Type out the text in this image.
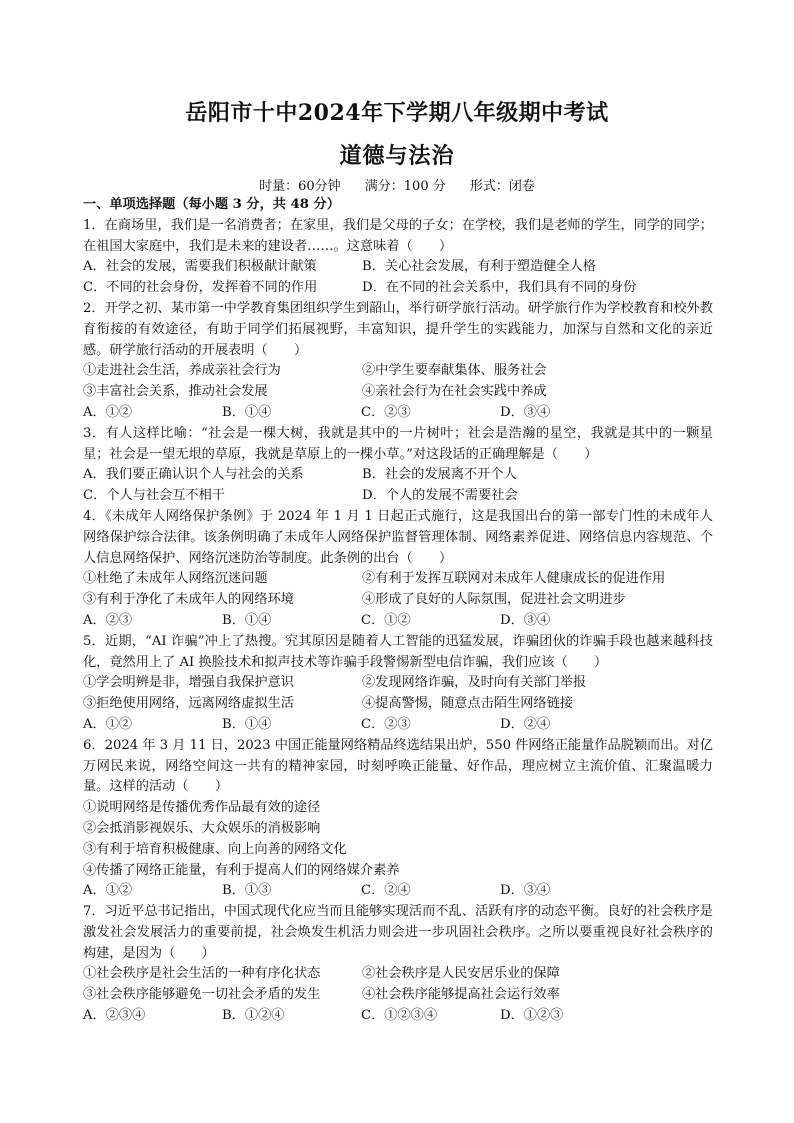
岳阳市十中2024年下学期八年级期中考试
道德与法治
时量：60分钟 满分：100 分 形式：闭卷

一、单项选择题（每小题 3 分，共 48 分）

1．在商场里，我们是一名消费者；在家里，我们是父母的子女；在学校，我们是老师的学生，同学的同学；在祖国大家庭中，我们是未来的建设者……。这意味着（　　）

A．社会的发展，需要我们积极献计献策	B．关心社会发展，有利于塑造健全人格
C．不同的社会身份，发挥着不同的作用	D．在不同的社会关系中，我们具有不同的身份

2．开学之初、某市第一中学教育集团组织学生到韶山，举行研学旅行活动。研学旅行作为学校教育和校外教育衔接的有效途径，有助于同学们拓展视野，丰富知识，提升学生的实践能力，加深与自然和文化的亲近感。研学旅行活动的开展表明（　　）

①走进社会生活，养成亲社会行为	②中学生要奉献集体、服务社会
③丰富社会关系，推动社会发展	④亲社会行为在社会实践中养成
A．①②	B．①④	C．②③	D．③④

3．有人这样比喻：“社会是一棵大树，我就是其中的一片树叶；社会是浩瀚的星空，我就是其中的一颗星星；社会是一望无垠的草原，我就是草原上的一棵小草。”对这段话的正确理解是（　　）

A．我们要正确认识个人与社会的关系	B．社会的发展离不开个人
C．个人与社会互不相干	D．个人的发展不需要社会

4．《未成年人网络保护条例》于 2024 年 1 月 1 日起正式施行，这是我国出台的第一部专门性的未成年人网络保护综合法律。该条例明确了未成年人网络保护监督管理体制、网络素养促进、网络信息内容规范、个人信息网络保护、网络沉迷防治等制度。此条例的出台（　　）

①杜绝了未成年人网络沉迷问题	②有利于发挥互联网对未成年人健康成长的促进作用
③有利于净化了未成年人的网络环境	④形成了良好的人际氛围，促进社会文明进步
A．②③	B．①④	C．①②	D．③④

5．近期，“AI 诈骗”冲上了热搜。究其原因是随着人工智能的迅猛发展，诈骗团伙的诈骗手段也越来越科技化，竟然用上了 AI 换脸技术和拟声技术等诈骗手段警惕新型电信诈骗，我们应该（　　）

①学会明辨是非，增强自我保护意识	②发现网络诈骗，及时向有关部门举报
③拒绝使用网络，远离网络虚拟生活	④提高警惕，随意点击陌生网络链接
A．①②	B．①④	C．②③	D．②④

6．2024 年 3 月 11 日，2023 中国正能量网络精品终选结果出炉，550 件网络正能量作品脱颖而出。对亿万网民来说，网络空间这一共有的精神家园，时刻呼唤正能量、好作品，理应树立主流价值、汇聚温暖力量。这样的活动（　　）

①说明网络是传播优秀作品最有效的途径

②会抵消影视娱乐、大众娱乐的消极影响

③有利于培育积极健康、向上向善的网络文化

④传播了网络正能量，有利于提高人们的网络媒介素养

A．①②	B．①③	C．②④	D．③④

7．习近平总书记指出，中国式现代化应当而且能够实现活而不乱、活跃有序的动态平衡。良好的社会秩序是激发社会发展活力的重要前提，社会焕发生机活力则会进一步巩固社会秩序。之所以要重视良好社会秩序的构建，是因为（　　）

①社会秩序是社会生活的一种有序化状态	②社会秩序是人民安居乐业的保障
③社会秩序能够避免一切社会矛盾的发生	④社会秩序能够提高社会运行效率
A．②③④	B．①②④	C．①②③④	D．①②③
